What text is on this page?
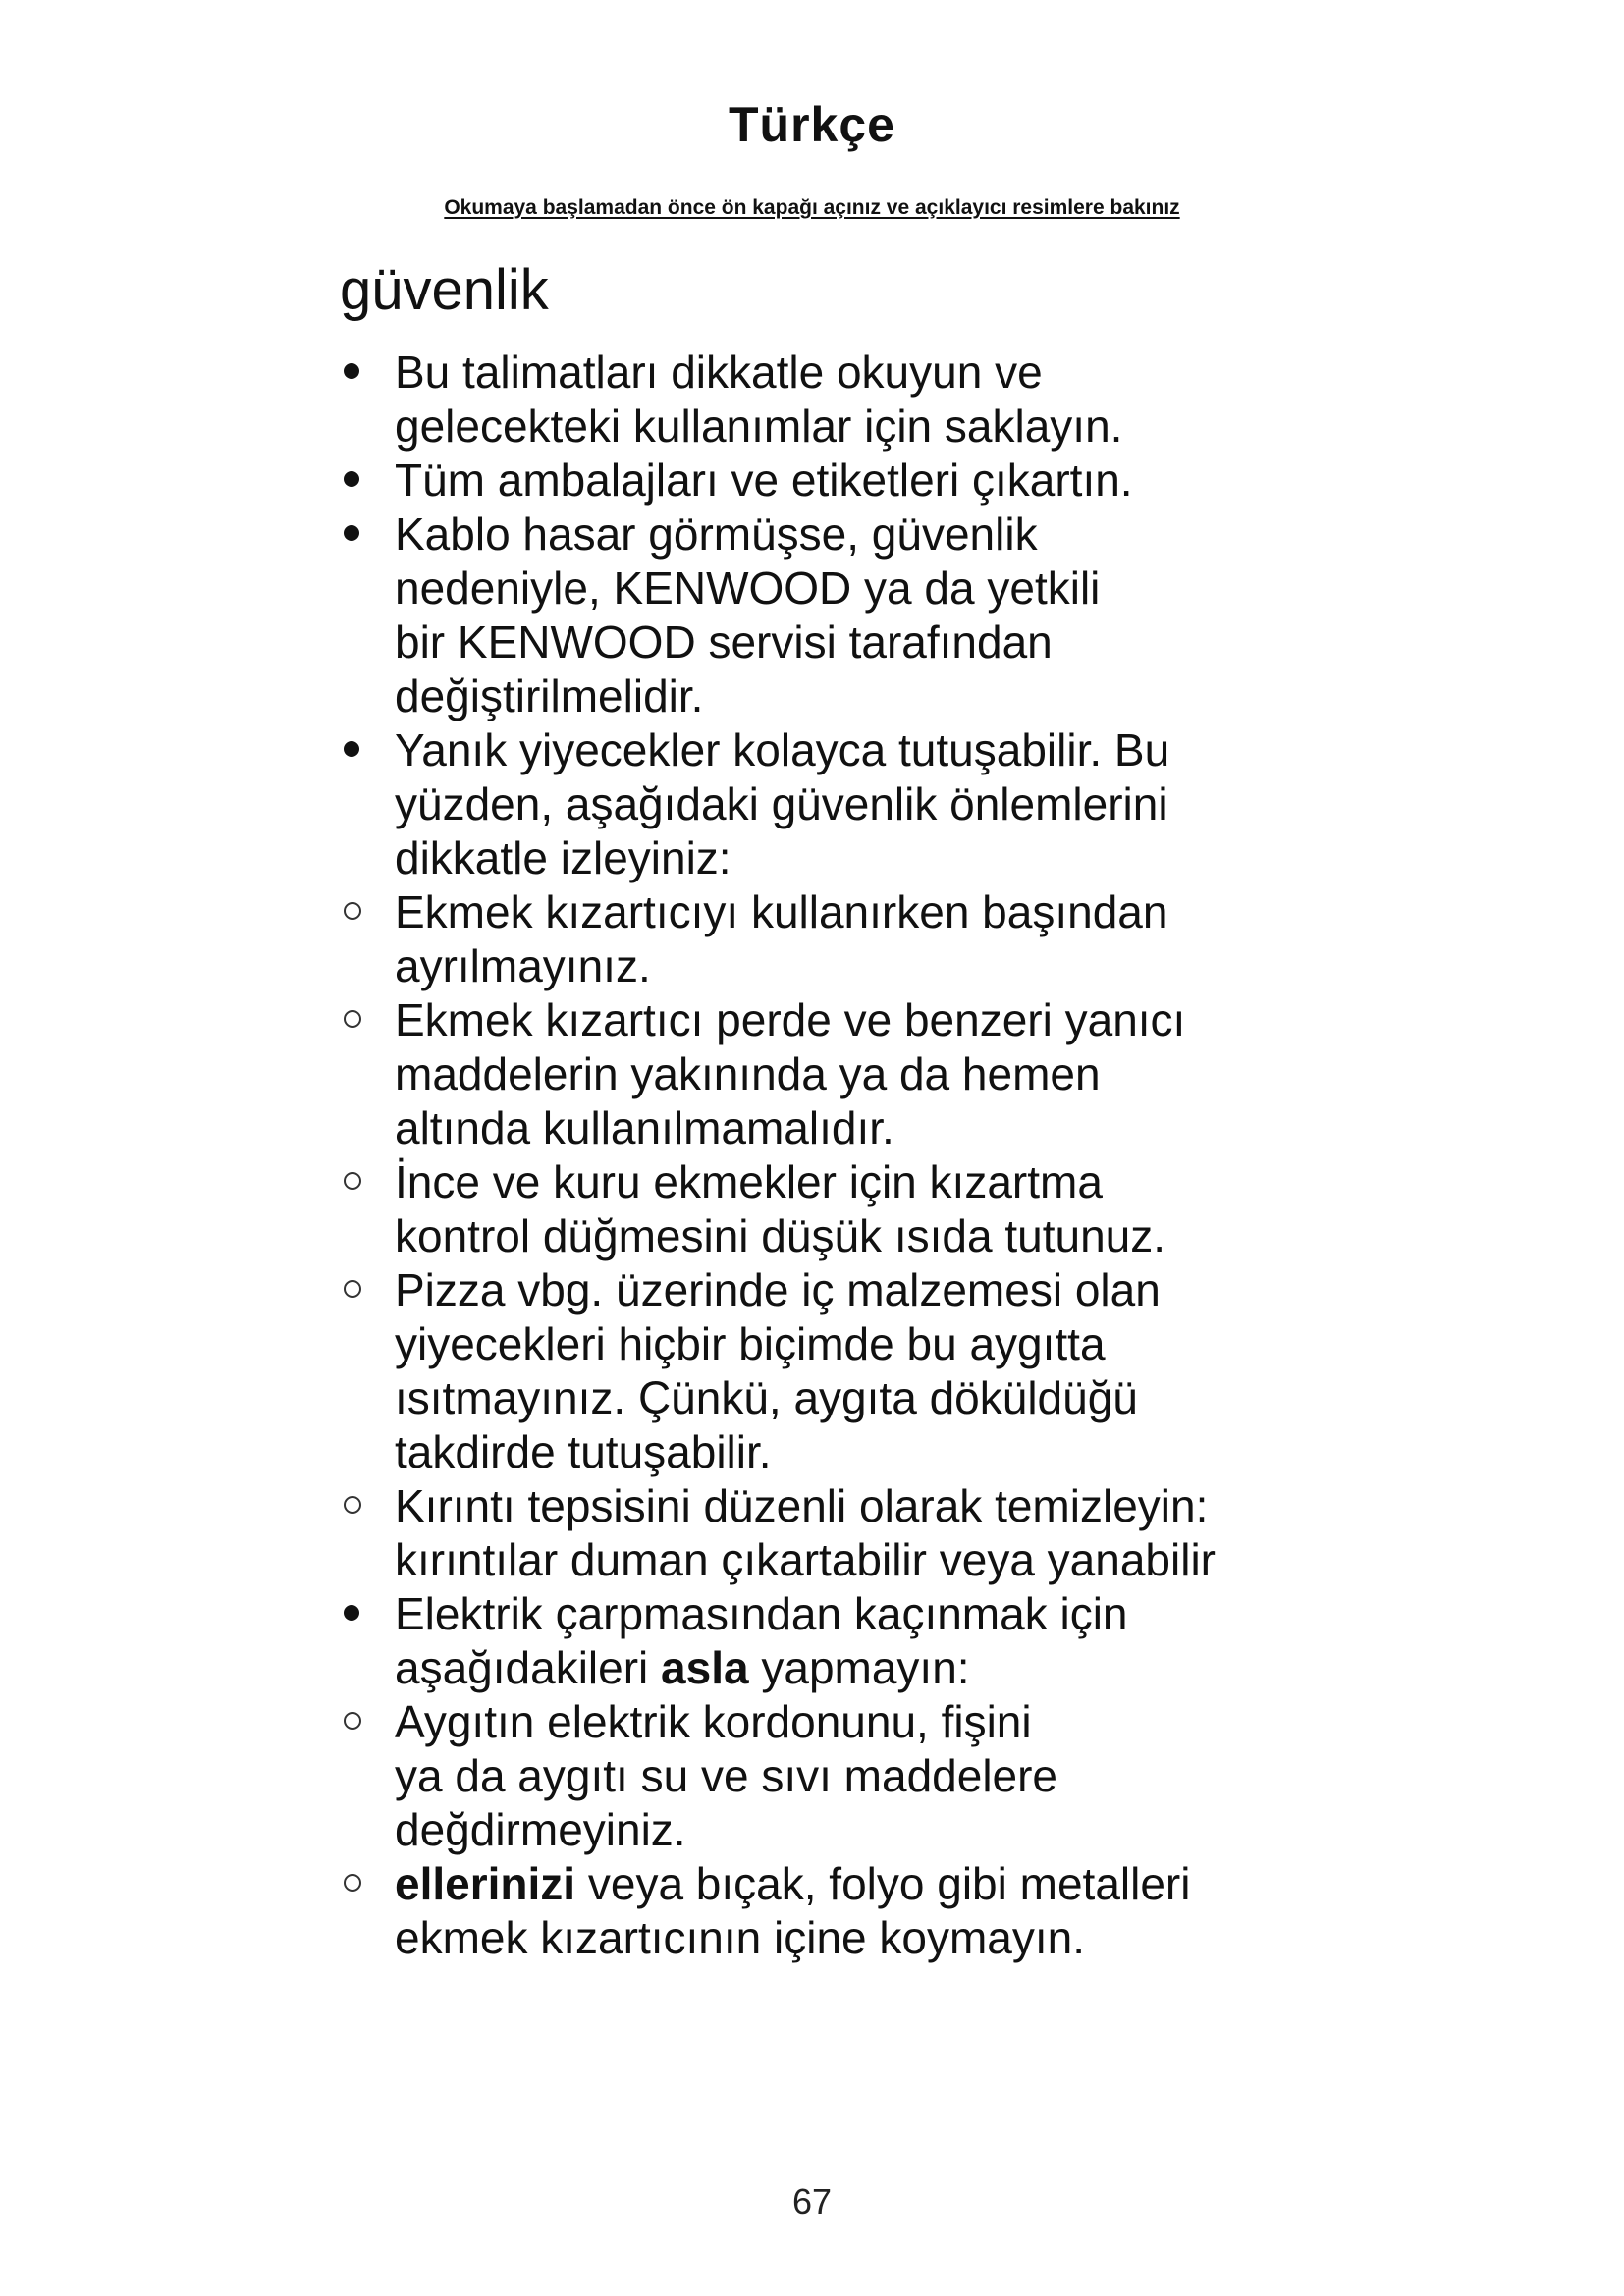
Türkçe
Okumaya başlamadan önce ön kapağı açınız ve açıklayıcı resimlere bakınız
güvenlik
Bu talimatları dikkatle okuyun ve
gelecekteki kullanımlar için saklayın.
Tüm ambalajları ve etiketleri çıkartın.
Kablo hasar görmüşse, güvenlik
nedeniyle, KENWOOD ya da yetkili
bir KENWOOD servisi tarafından
değiştirilmelidir.
Yanık yiyecekler kolayca tutuşabilir. Bu
yüzden, aşağıdaki güvenlik önlemlerini
dikkatle izleyiniz:
Ekmek kızartıcıyı kullanırken başından
ayrılmayınız.
Ekmek kızartıcı perde ve benzeri yanıcı
maddelerin yakınında ya da hemen
altında kullanılmamalıdır.
İnce ve kuru ekmekler için kızartma
kontrol düğmesini düşük ısıda tutunuz.
Pizza vbg. üzerinde iç malzemesi olan
yiyecekleri hiçbir biçimde bu aygıtta
ısıtmayınız. Çünkü, aygıta döküldüğü
takdirde tutuşabilir.
Kırıntı tepsisini düzenli olarak temizleyin:
kırıntılar duman çıkartabilir veya yanabilir
Elektrik çarpmasından kaçınmak için
aşağıdakileri asla yapmayın:
Aygıtın elektrik kordonunu, fişini
ya da aygıtı su ve sıvı maddelere
değdirmeyiniz.
ellerinizi veya bıçak, folyo gibi metalleri
ekmek kızartıcının içine koymayın.
67
